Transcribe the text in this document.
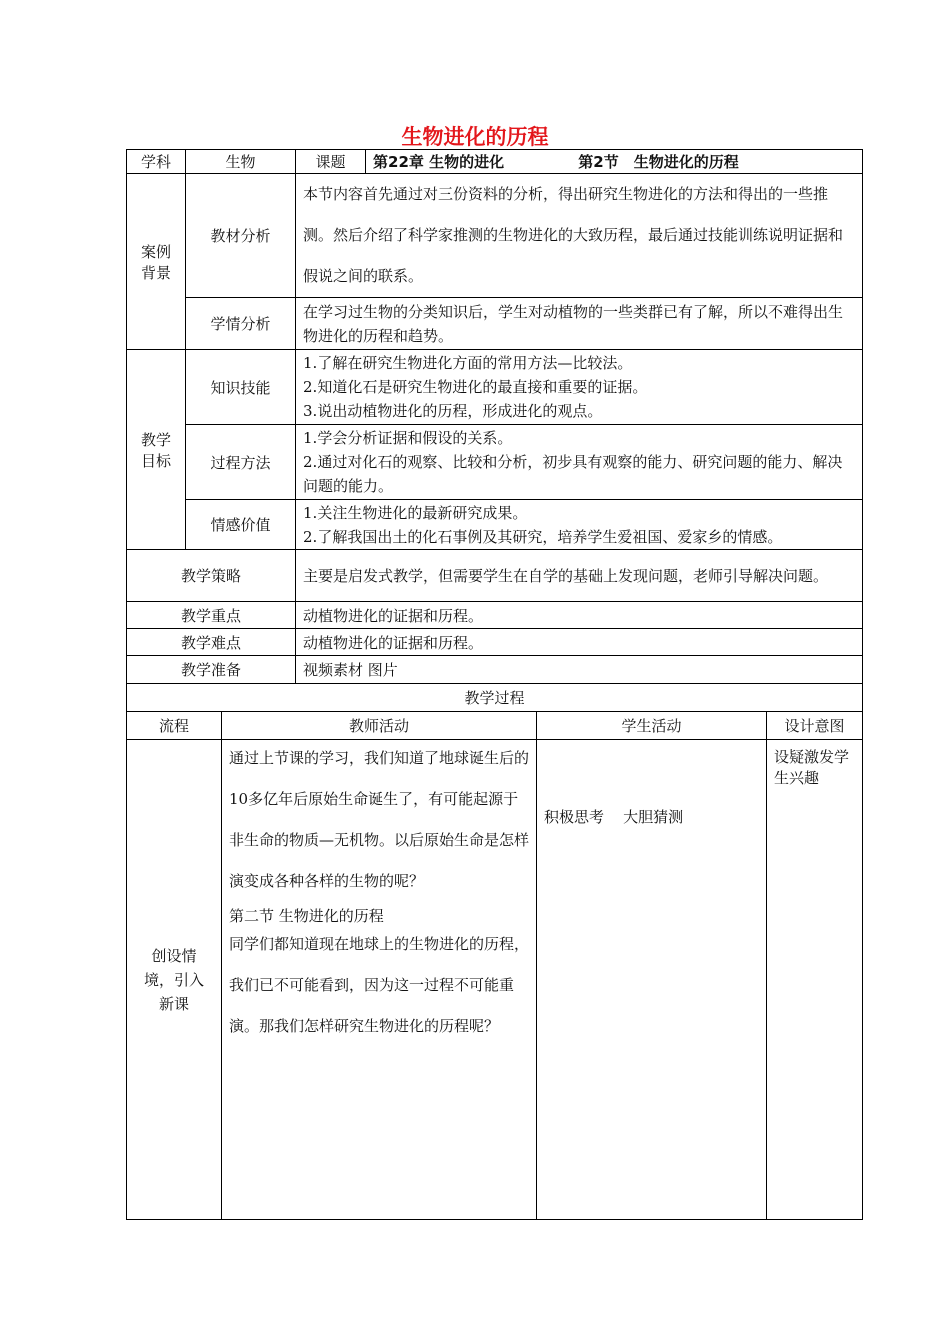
生物进化的历程
学科	生物		课题	第22章 生物的进化 第2节　生物进化的历程		
案例背景	教材分析		本节内容首先通过对三份资料的分析，得出研究生物进化的方法和得出的一些推测。然后介绍了科学家推测的生物进化的大致历程，最后通过技能训练说明证据和假说之间的联系。			
	学情分析		在学习过生物的分类知识后，学生对动植物的一些类群已有了解，所以不难得出生物进化的历程和趋势。			
教学目标	知识技能		1.了解在研究生物进化方面的常用方法—比较法。
2.知道化石是研究生物进化的最直接和重要的证据。
3.说出动植物进化的历程，形成进化的观点。			

	过程方法		1.学会分析证据和假设的关系。
2.通过对化石的观察、比较和分析，初步具有观察的能力、研究问题的能力、解决问题的能力。			

	情感价值		1.关注生物进化的最新研究成果。
2.了解我国出土的化石事例及其研究，培养学生爱祖国、爱家乡的情感。			

教学策略			主要是启发式教学，但需要学生在自学的基础上发现问题，老师引导解决问题。			
教学重点			动植物进化的证据和历程。			
教学难点			动植物进化的证据和历程。			
教学准备			视频素材 图片			
教学过程						
流程		教师活动			学生活动	设计意图
创设情境，引入新课		通过上节课的学习，我们知道了地球诞生后的10多亿年后原始生命诞生了，有可能起源于非生命的物质—无机物。以后原始生命是怎样演变成各种各样的生物的呢？
第二节 生物进化的历程
同学们都知道现在地球上的生物进化的历程，我们已不可能看到，因为这一过程不可能重演。那我们怎样研究生物进化的历程呢？			积极思考    大胆猜测	设疑激发学生兴趣
